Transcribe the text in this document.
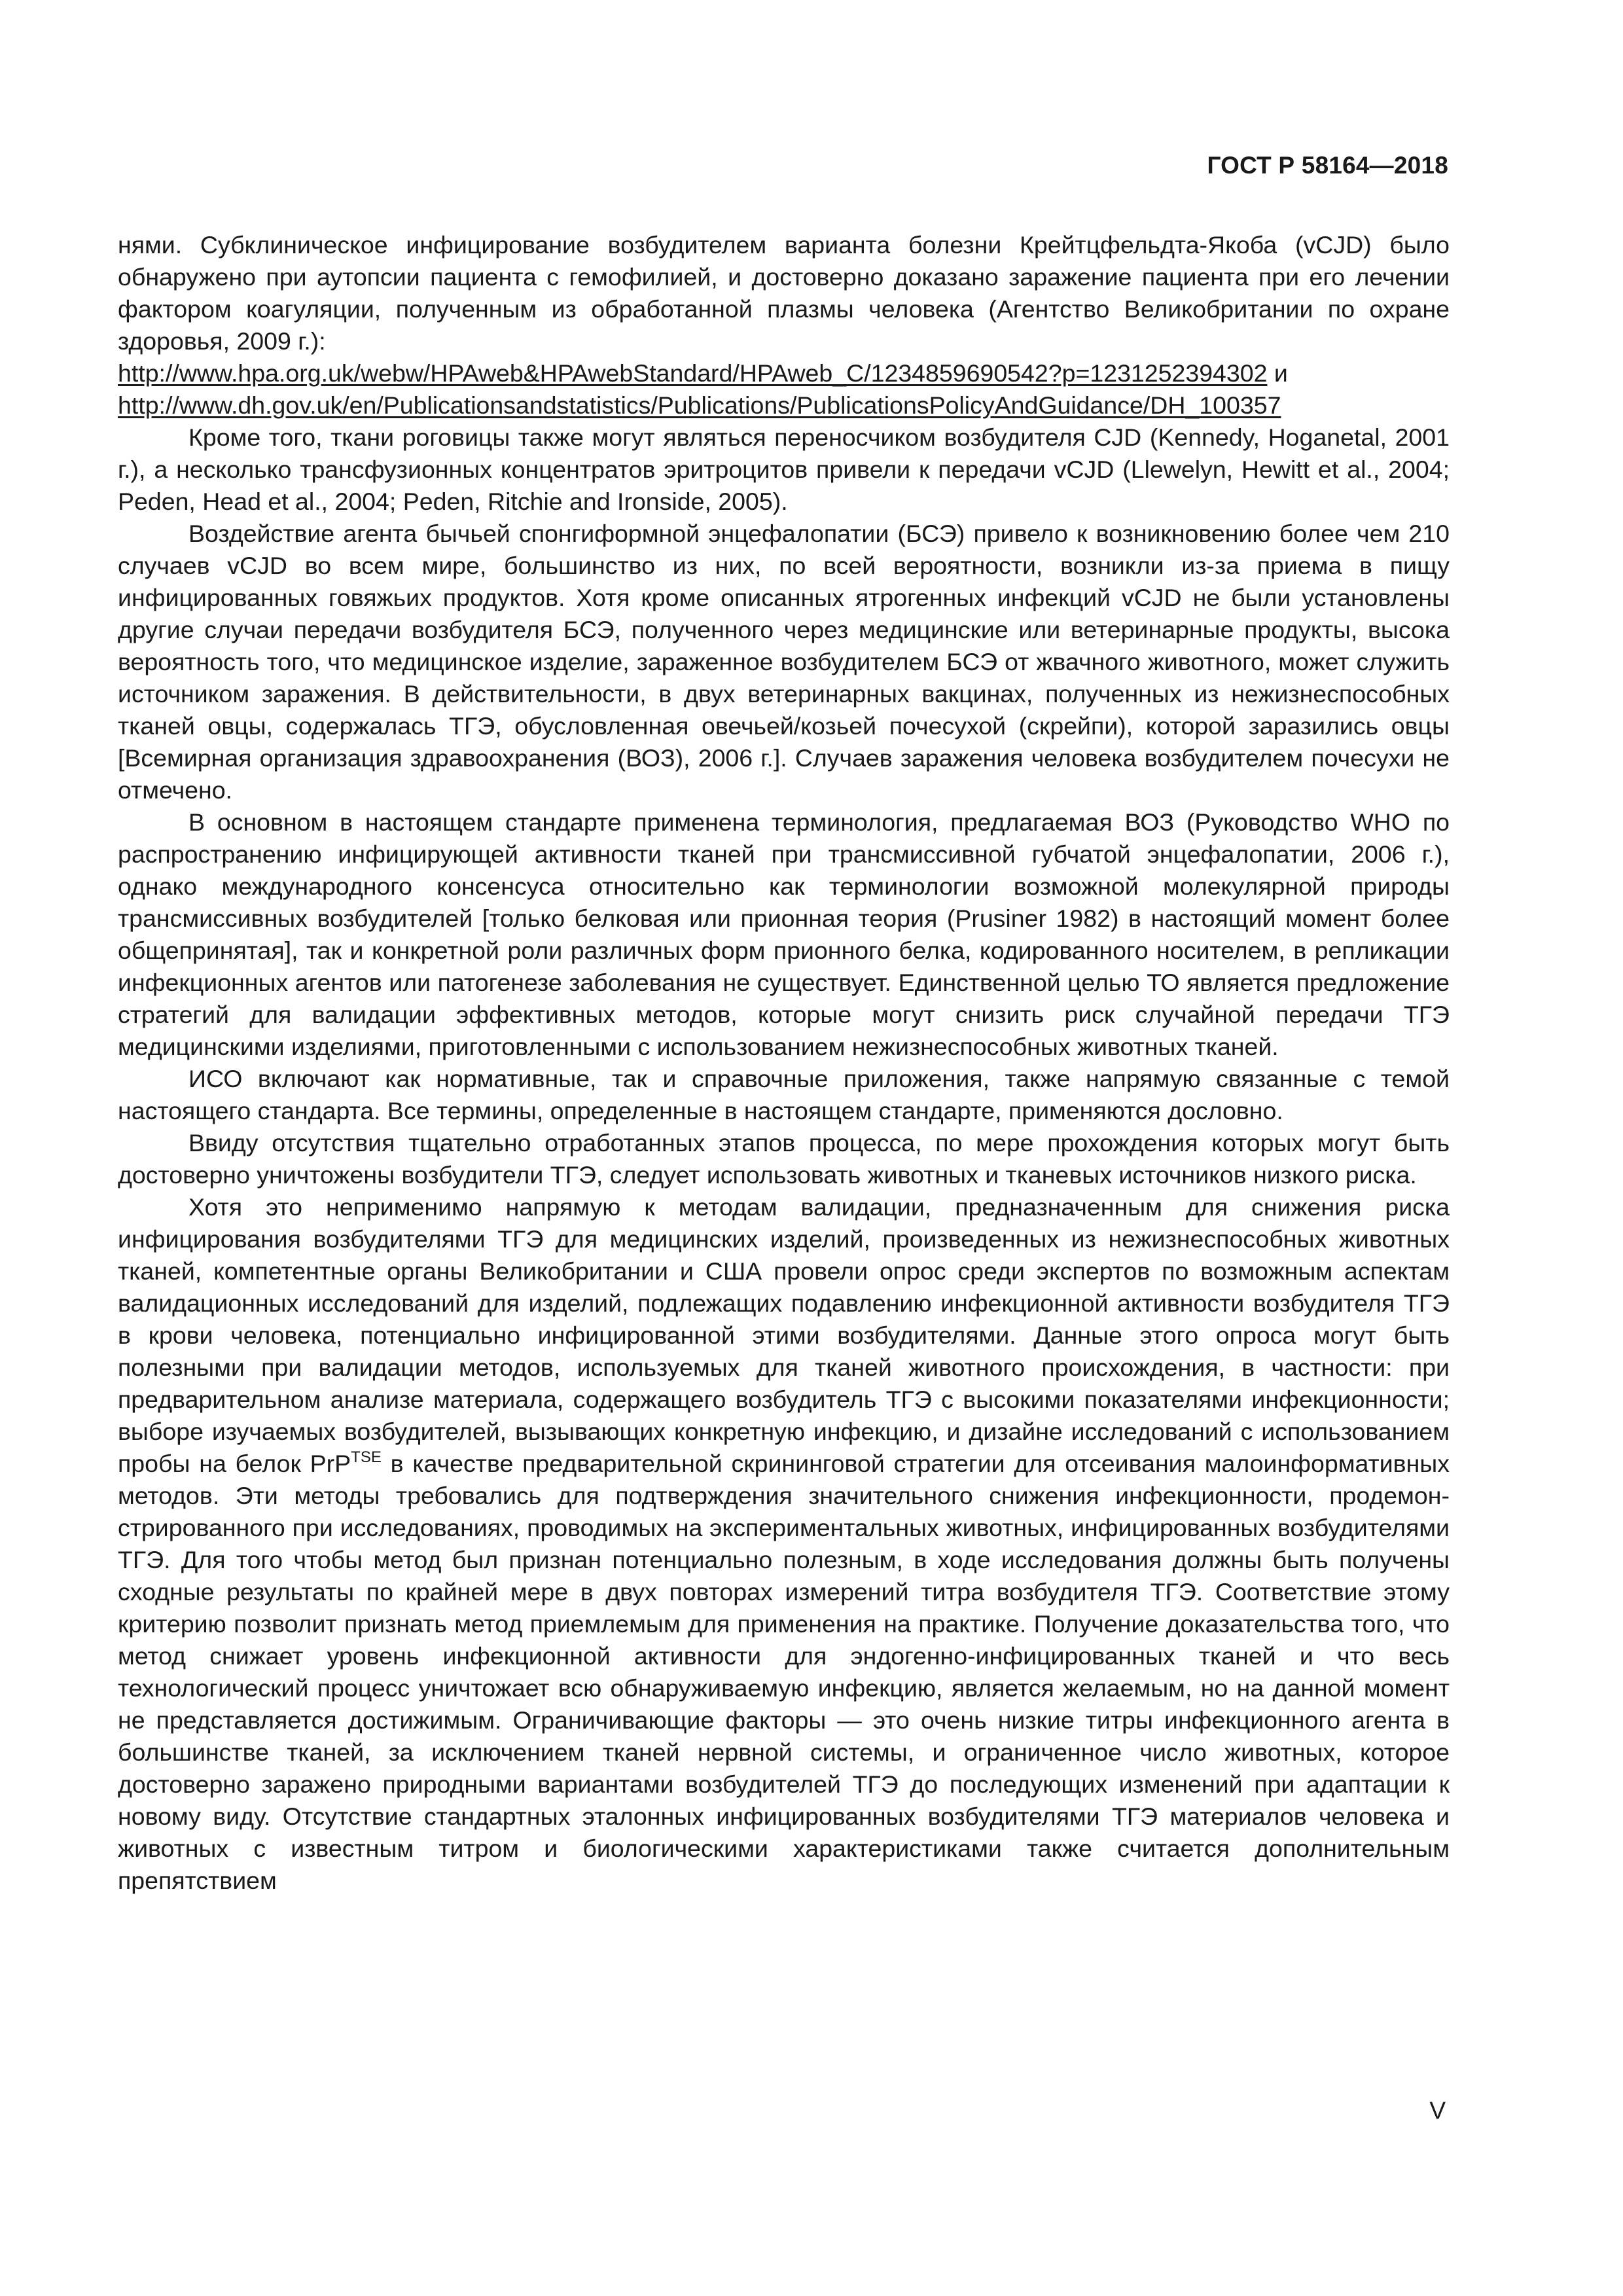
ГОСТ Р 58164—2018

нями. Субклиническое инфицирование возбудителем варианта болезни Крейтцфельдта-Якоба (vCJD) было обнаружено при аутопсии пациента с гемофилией, и достоверно доказано заражение пациента при его лечении фактором коагуляции, полученным из обработанной плазмы человека (Агентство Великобритании по охране здоровья, 2009 г.):

http://www.hpa.org.uk/webw/HPAweb&HPAwebStandard/HPAweb_C/1234859690542?p=1231252394302 и

http://www.dh.gov.uk/en/Publicationsandstatistics/Publications/PublicationsPolicyAndGuidance/DH_100357

Кроме того, ткани роговицы также могут являться переносчиком возбудителя CJD (Kennedy, Hoganetal, 2001 г.), а несколько трансфузионных концентратов эритроцитов привели к передачи vCJD (Llewelyn, Hewitt et al., 2004; Peden, Head et al., 2004; Peden, Ritchie and Ironside, 2005).

Воздействие агента бычьей спонгиформной энцефалопатии (БСЭ) привело к возникновению более чем 210 случаев vCJD во всем мире, большинство из них, по всей вероятности, возникли из-за приема в пищу инфицированных говяжьих продуктов. Хотя кроме описанных ятрогенных инфекций vCJD не были установлены другие случаи передачи возбудителя БСЭ, полученного через медицинские или ветеринарные продукты, высока вероятность того, что медицинское изделие, зараженное возбудителем БСЭ от жвачного животного, может служить источником заражения. В действительности, в двух ветеринарных вакцинах, полученных из нежизнеспособных тканей овцы, содержалась ТГЭ, обусловленная овечьей/козьей почесухой (скрейпи), которой заразились овцы [Всемирная организация здравоохранения (ВОЗ), 2006 г.]. Случаев заражения человека возбудителем почесухи не отмечено.

В основном в настоящем стандарте применена терминология, предлагаемая ВОЗ (Руководство WHO по распространению инфицирующей активности тканей при трансмиссивной губчатой энцефалопатии, 2006 г.), однако международного консенсуса относительно как терминологии возможной молекулярной природы трансмиссивных возбудителей [только белковая или прионная теория (Prusiner 1982) в настоящий момент более общепринятая], так и конкретной роли различных форм прионного белка, кодированного носителем, в репликации инфекционных агентов или патогенезе заболевания не существует. Единственной целью ТО является предложение стратегий для валидации эффективных методов, которые могут снизить риск случайной передачи ТГЭ медицинскими изделиями, приготовленными с использованием нежизнеспособных животных тканей.

ИСО включают как нормативные, так и справочные приложения, также напрямую связанные с темой настоящего стандарта. Все термины, определенные в настоящем стандарте, применяются дословно.

Ввиду отсутствия тщательно отработанных этапов процесса, по мере прохождения которых могут быть достоверно уничтожены возбудители ТГЭ, следует использовать животных и тканевых источников низкого риска.

Хотя это неприменимо напрямую к методам валидации, предназначенным для снижения риска инфицирования возбудителями ТГЭ для медицинских изделий, произведенных из нежизнеспособных животных тканей, компетентные органы Великобритании и США провели опрос среди экспертов по возможным аспектам валидационных исследований для изделий, подлежащих подавлению инфекционной активности возбудителя ТГЭ в крови человека, потенциально инфицированной этими возбудителями. Данные этого опроса могут быть полезными при валидации методов, используемых для тканей животного происхождения, в частности: при предварительном анализе материала, содержащего возбудитель ТГЭ с высокими показателями инфекционности; выборе изучаемых возбудителей, вызывающих конкретную инфекцию, и дизайне исследований с использованием пробы на белок PrP$^{TSE}$ в качестве предварительной скрининговой стратегии для отсеивания малоинформативных методов. Эти методы требовались для подтверждения значительного снижения инфекционности, продемонстрированного при исследованиях, проводимых на экспериментальных животных, инфицированных возбудителями ТГЭ. Для того чтобы метод был признан потенциально полезным, в ходе исследования должны быть получены сходные результаты по крайней мере в двух повторах измерений титра возбудителя ТГЭ. Соответствие этому критерию позволит признать метод приемлемым для применения на практике. Получение доказательства того, что метод снижает уровень инфекционной активности для эндогенно-инфицированных тканей и что весь технологический процесс уничтожает всю обнаруживаемую инфекцию, является желаемым, но на данной момент не представляется достижимым. Ограничивающие факторы — это очень низкие титры инфекционного агента в большинстве тканей, за исключением тканей нервной системы, и ограниченное число животных, которое достоверно заражено природными вариантами возбудителей ТГЭ до последующих изменений при адаптации к новому виду. Отсутствие стандартных эталонных инфицированных возбудителями ТГЭ материалов человека и животных с известным титром и биологическими характеристиками также считается дополнительным препятствием

V
